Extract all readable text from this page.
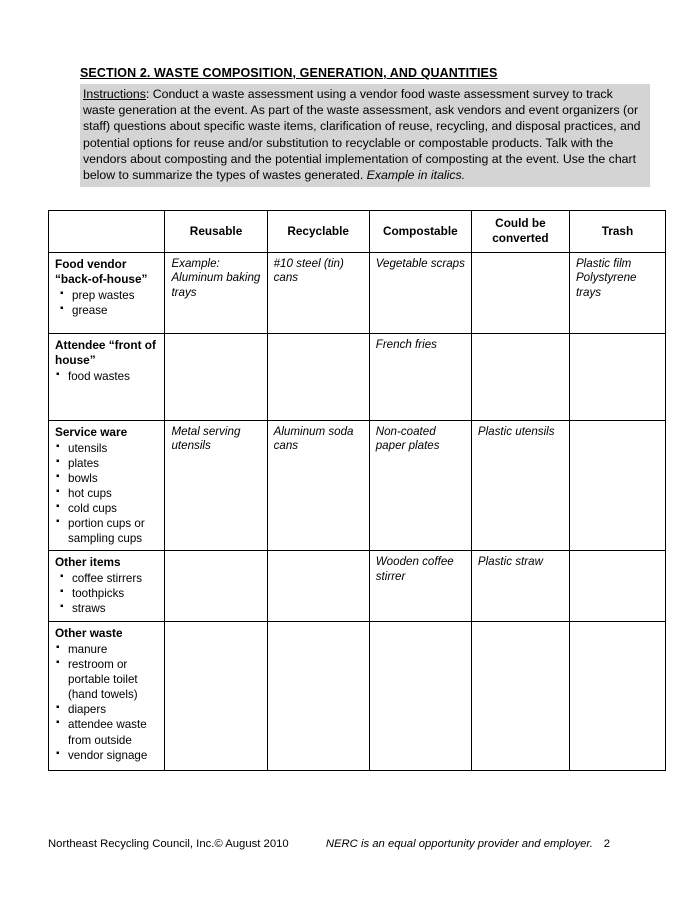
SECTION 2. WASTE COMPOSITION, GENERATION, AND QUANTITIES
Instructions: Conduct a waste assessment using a vendor food waste assessment survey to track waste generation at the event. As part of the waste assessment, ask vendors and event organizers (or staff) questions about specific waste items, clarification of reuse, recycling, and disposal practices, and potential options for reuse and/or substitution to recyclable or compostable products. Talk with the vendors about composting and the potential implementation of composting at the event. Use the chart below to summarize the types of wastes generated. Example in italics.
	Reusable	Recyclable	Compostable	Could be converted	Trash

Food vendor “back-of-house”
▪ prep wastes
▪ grease
	Example: Aluminum baking trays	#10 steel (tin) cans	Vegetable scraps		Plastic film Polystyrene trays

Attendee “front of house”
▪ food wastes
			French fries		

Service ware
▪ utensils
▪ plates
▪ bowls
▪ hot cups
▪ cold cups
▪ portion cups or sampling cups
	Metal serving utensils	Aluminum soda cans	Non-coated paper plates	Plastic utensils	

Other items
▪ coffee stirrers
▪ toothpicks
▪ straws
			Wooden coffee stirrer	Plastic straw	

Other waste
▪ manure
▪ restroom or portable toilet (hand towels)
▪ diapers
▪ attendee waste from outside
▪ vendor signage

Northeast Recycling Council, Inc.© August 2010	NERC is an equal opportunity provider and employer. 2
